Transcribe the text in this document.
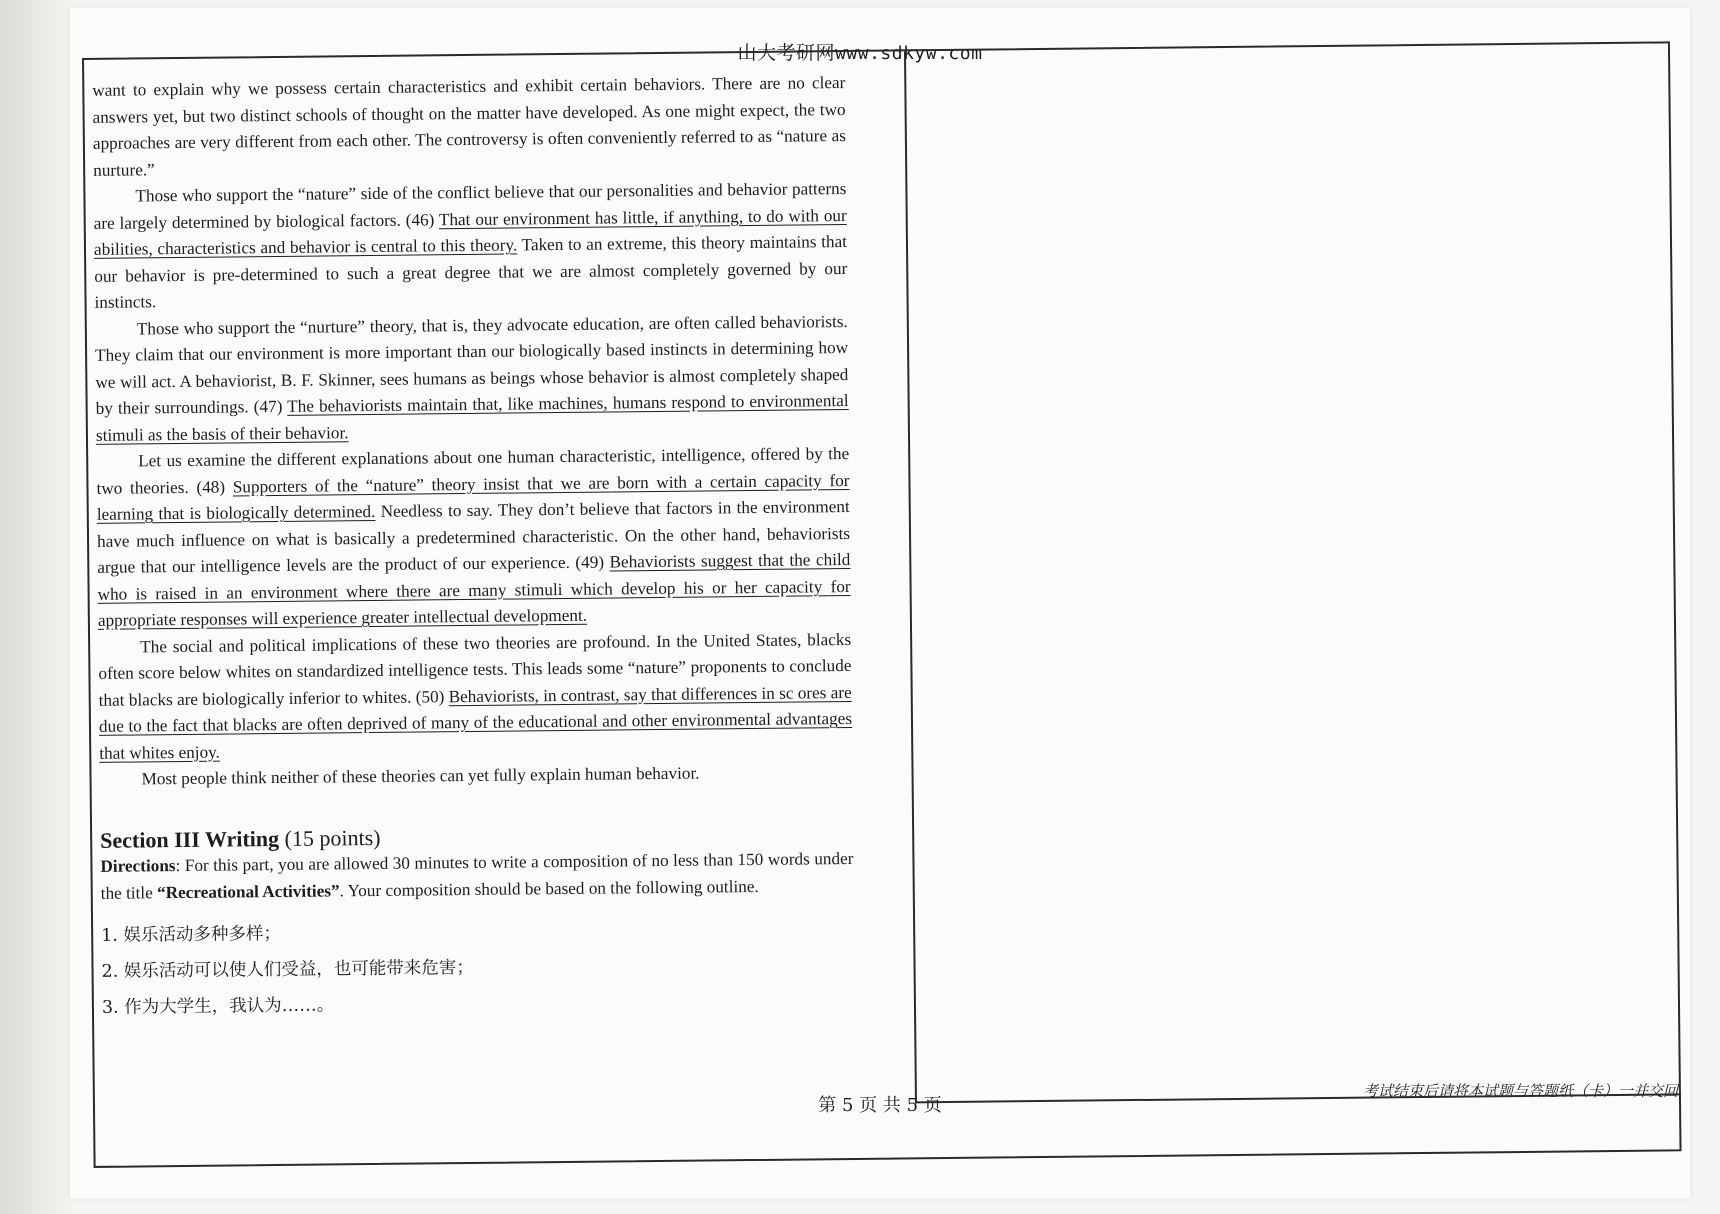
第 5 页 共 5 页
考试结束后请将本试题与答题纸（卡）一并交回
山大考研网www.sdkyw.com

want to explain why we possess certain characteristics and exhibit certain behaviors. There are no clear answers yet, but two distinct schools of thought on the matter have developed. As one might expect, the two approaches are very different from each other. The controversy is often conveniently referred to as “nature as nurture.”

Those who support the “nature” side of the conflict believe that our personalities and behavior patterns are largely determined by biological factors. (46) That our environment has little, if anything, to do with our abilities, characteristics and behavior is central to this theory. Taken to an extreme, this theory maintains that our behavior is pre-determined to such a great degree that we are almost completely governed by our instincts.

Those who support the “nurture” theory, that is, they advocate education, are often called behaviorists. They claim that our environment is more important than our biologically based instincts in determining how we will act. A behaviorist, B. F. Skinner, sees humans as beings whose behavior is almost completely shaped by their surroundings. (47) The behaviorists maintain that, like machines, humans respond to environmental stimuli as the basis of their behavior.

Let us examine the different explanations about one human characteristic, intelligence, offered by the two theories. (48) Supporters of the “nature” theory insist that we are born with a certain capacity for learning that is biologically determined. Needless to say. They don’t believe that factors in the environment have much influence on what is basically a predetermined characteristic. On the other hand, behaviorists argue that our intelligence levels are the product of our experience. (49) Behaviorists suggest that the child who is raised in an environment where there are many stimuli which develop his or her capacity for appropriate responses will experience greater intellectual development.

The social and political implications of these two theories are profound. In the United States, blacks often score below whites on standardized intelligence tests. This leads some “nature” proponents to conclude that blacks are biologically inferior to whites. (50) Behaviorists, in contrast, say that differences in sc ores are due to the fact that blacks are often deprived of many of the educational and other environmental advantages that whites enjoy.

Most people think neither of these theories can yet fully explain human behavior.

Section III Writing (15 points)

Directions: For this part, you are allowed 30 minutes to write a composition of no less than 150 words under the title “Recreational Activities”. Your composition should be based on the following outline.

1. 娱乐活动多种多样；
2. 娱乐活动可以使人们受益，也可能带来危害；
3. 作为大学生，我认为……。
